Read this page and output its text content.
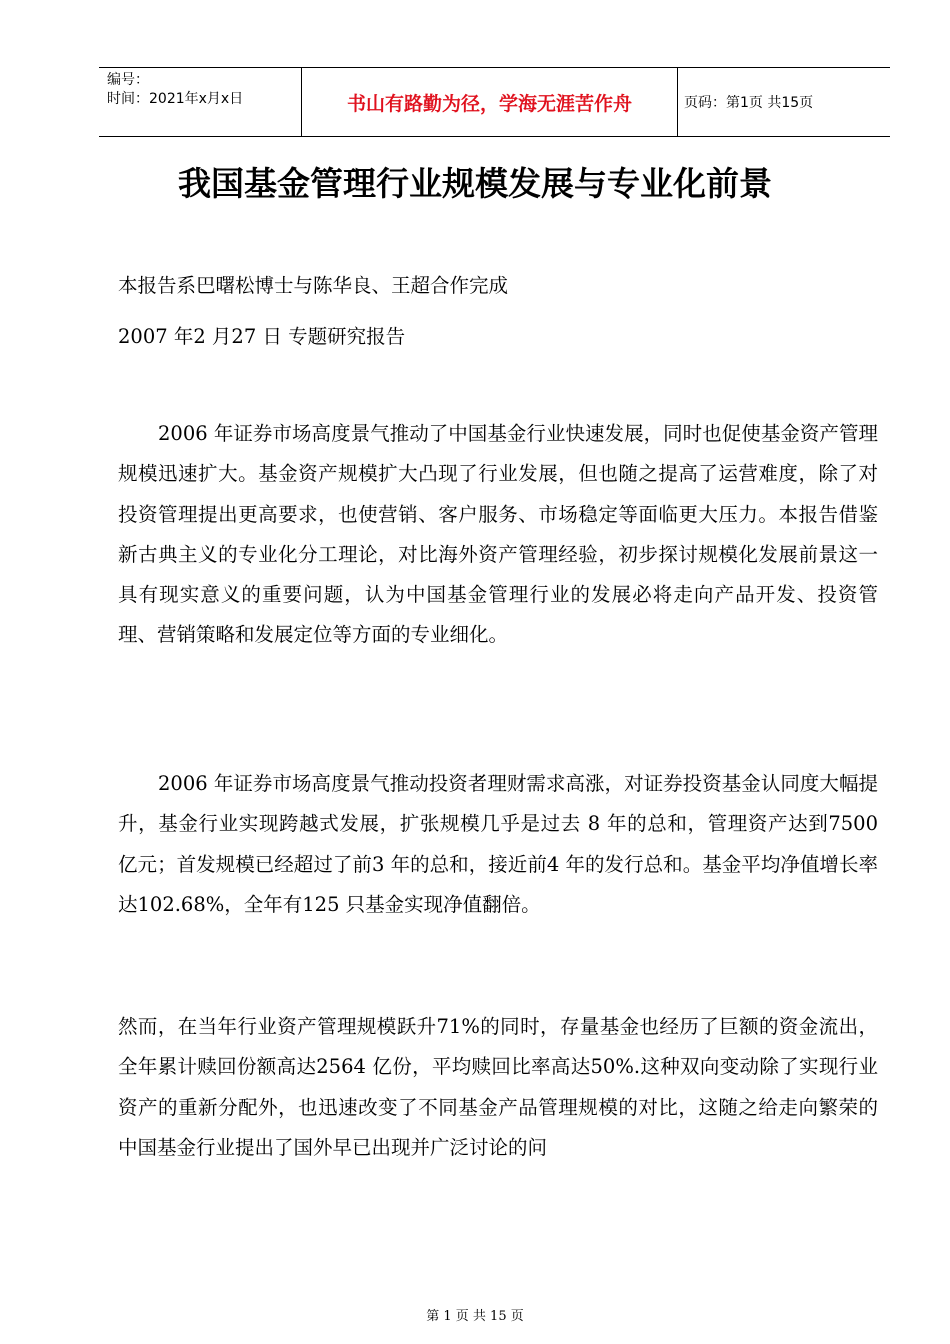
编号：
时间：2021年x月x日	书山有路勤为径，学海无涯苦作舟	页码：第1页 共15页
我国基金管理行业规模发展与专业化前景
本报告系巴曙松博士与陈华良、王超合作完成
2007 年2 月27 日 专题研究报告
2006 年证券市场高度景气推动了中国基金行业快速发展，同时也促使基金资产管理规模迅速扩大。基金资产规模扩大凸现了行业发展，但也随之提高了运营难度，除了对投资管理提出更高要求，也使营销、客户服务、市场稳定等面临更大压力。本报告借鉴新古典主义的专业化分工理论，对比海外资产管理经验，初步探讨规模化发展前景这一具有现实意义的重要问题，认为中国基金管理行业的发展必将走向产品开发、投资管理、营销策略和发展定位等方面的专业细化。
2006 年证券市场高度景气推动投资者理财需求高涨，对证券投资基金认同度大幅提升，基金行业实现跨越式发展，扩张规模几乎是过去 8 年的总和，管理资产达到7500 亿元；首发规模已经超过了前3 年的总和，接近前4 年的发行总和。基金平均净值增长率达102.68%，全年有125 只基金实现净值翻倍。
然而，在当年行业资产管理规模跃升71%的同时，存量基金也经历了巨额的资金流出，全年累计赎回份额高达2564 亿份，平均赎回比率高达50%.这种双向变动除了实现行业资产的重新分配外，也迅速改变了不同基金产品管理规模的对比，这随之给走向繁荣的中国基金行业提出了国外早已出现并广泛讨论的问
第 1 页 共 15 页
